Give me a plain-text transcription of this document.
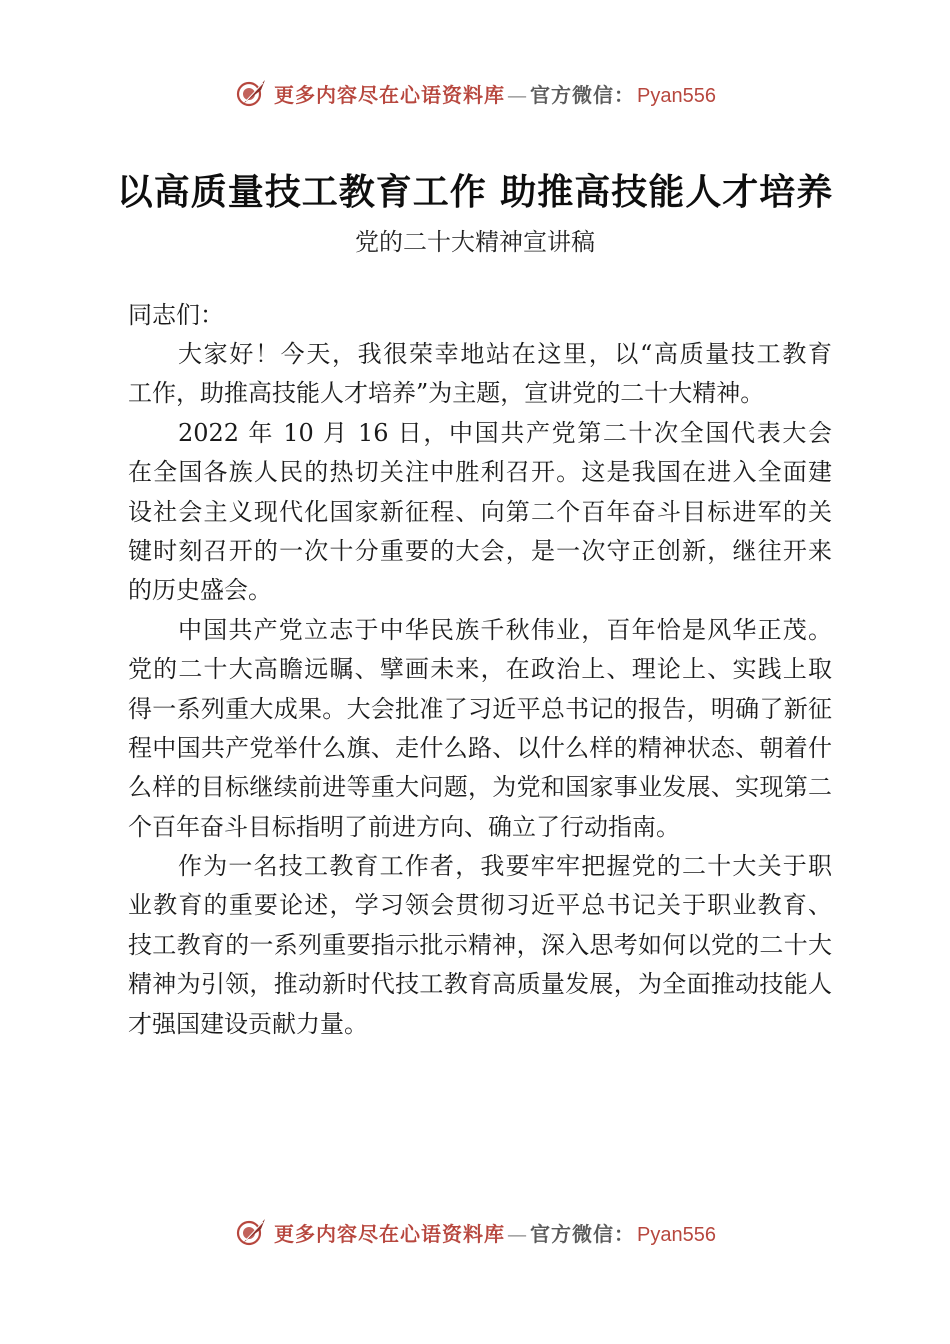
更多内容尽在心语资料库 — 官方微信： Pyan556
以高质量技工教育工作 助推高技能人才培养
党的二十大精神宣讲稿
同志们：
大家好！今天，我很荣幸地站在这里，以“高质量技工教育
工作，助推高技能人才培养”为主题，宣讲党的二十大精神。
2022 年 10 月 16 日，中国共产党第二十次全国代表大会
在全国各族人民的热切关注中胜利召开。这是我国在进入全面建
设社会主义现代化国家新征程、向第二个百年奋斗目标进军的关
键时刻召开的一次十分重要的大会，是一次守正创新，继往开来
的历史盛会。
中国共产党立志于中华民族千秋伟业，百年恰是风华正茂。
党的二十大高瞻远瞩、擘画未来，在政治上、理论上、实践上取
得一系列重大成果。大会批准了习近平总书记的报告，明确了新征
程中国共产党举什么旗、走什么路、以什么样的精神状态、朝着什
么样的目标继续前进等重大问题，为党和国家事业发展、实现第二
个百年奋斗目标指明了前进方向、确立了行动指南。
作为一名技工教育工作者，我要牢牢把握党的二十大关于职
业教育的重要论述，学习领会贯彻习近平总书记关于职业教育、
技工教育的一系列重要指示批示精神，深入思考如何以党的二十大
精神为引领，推动新时代技工教育高质量发展，为全面推动技能人
才强国建设贡献力量。
更多内容尽在心语资料库 — 官方微信： Pyan556
